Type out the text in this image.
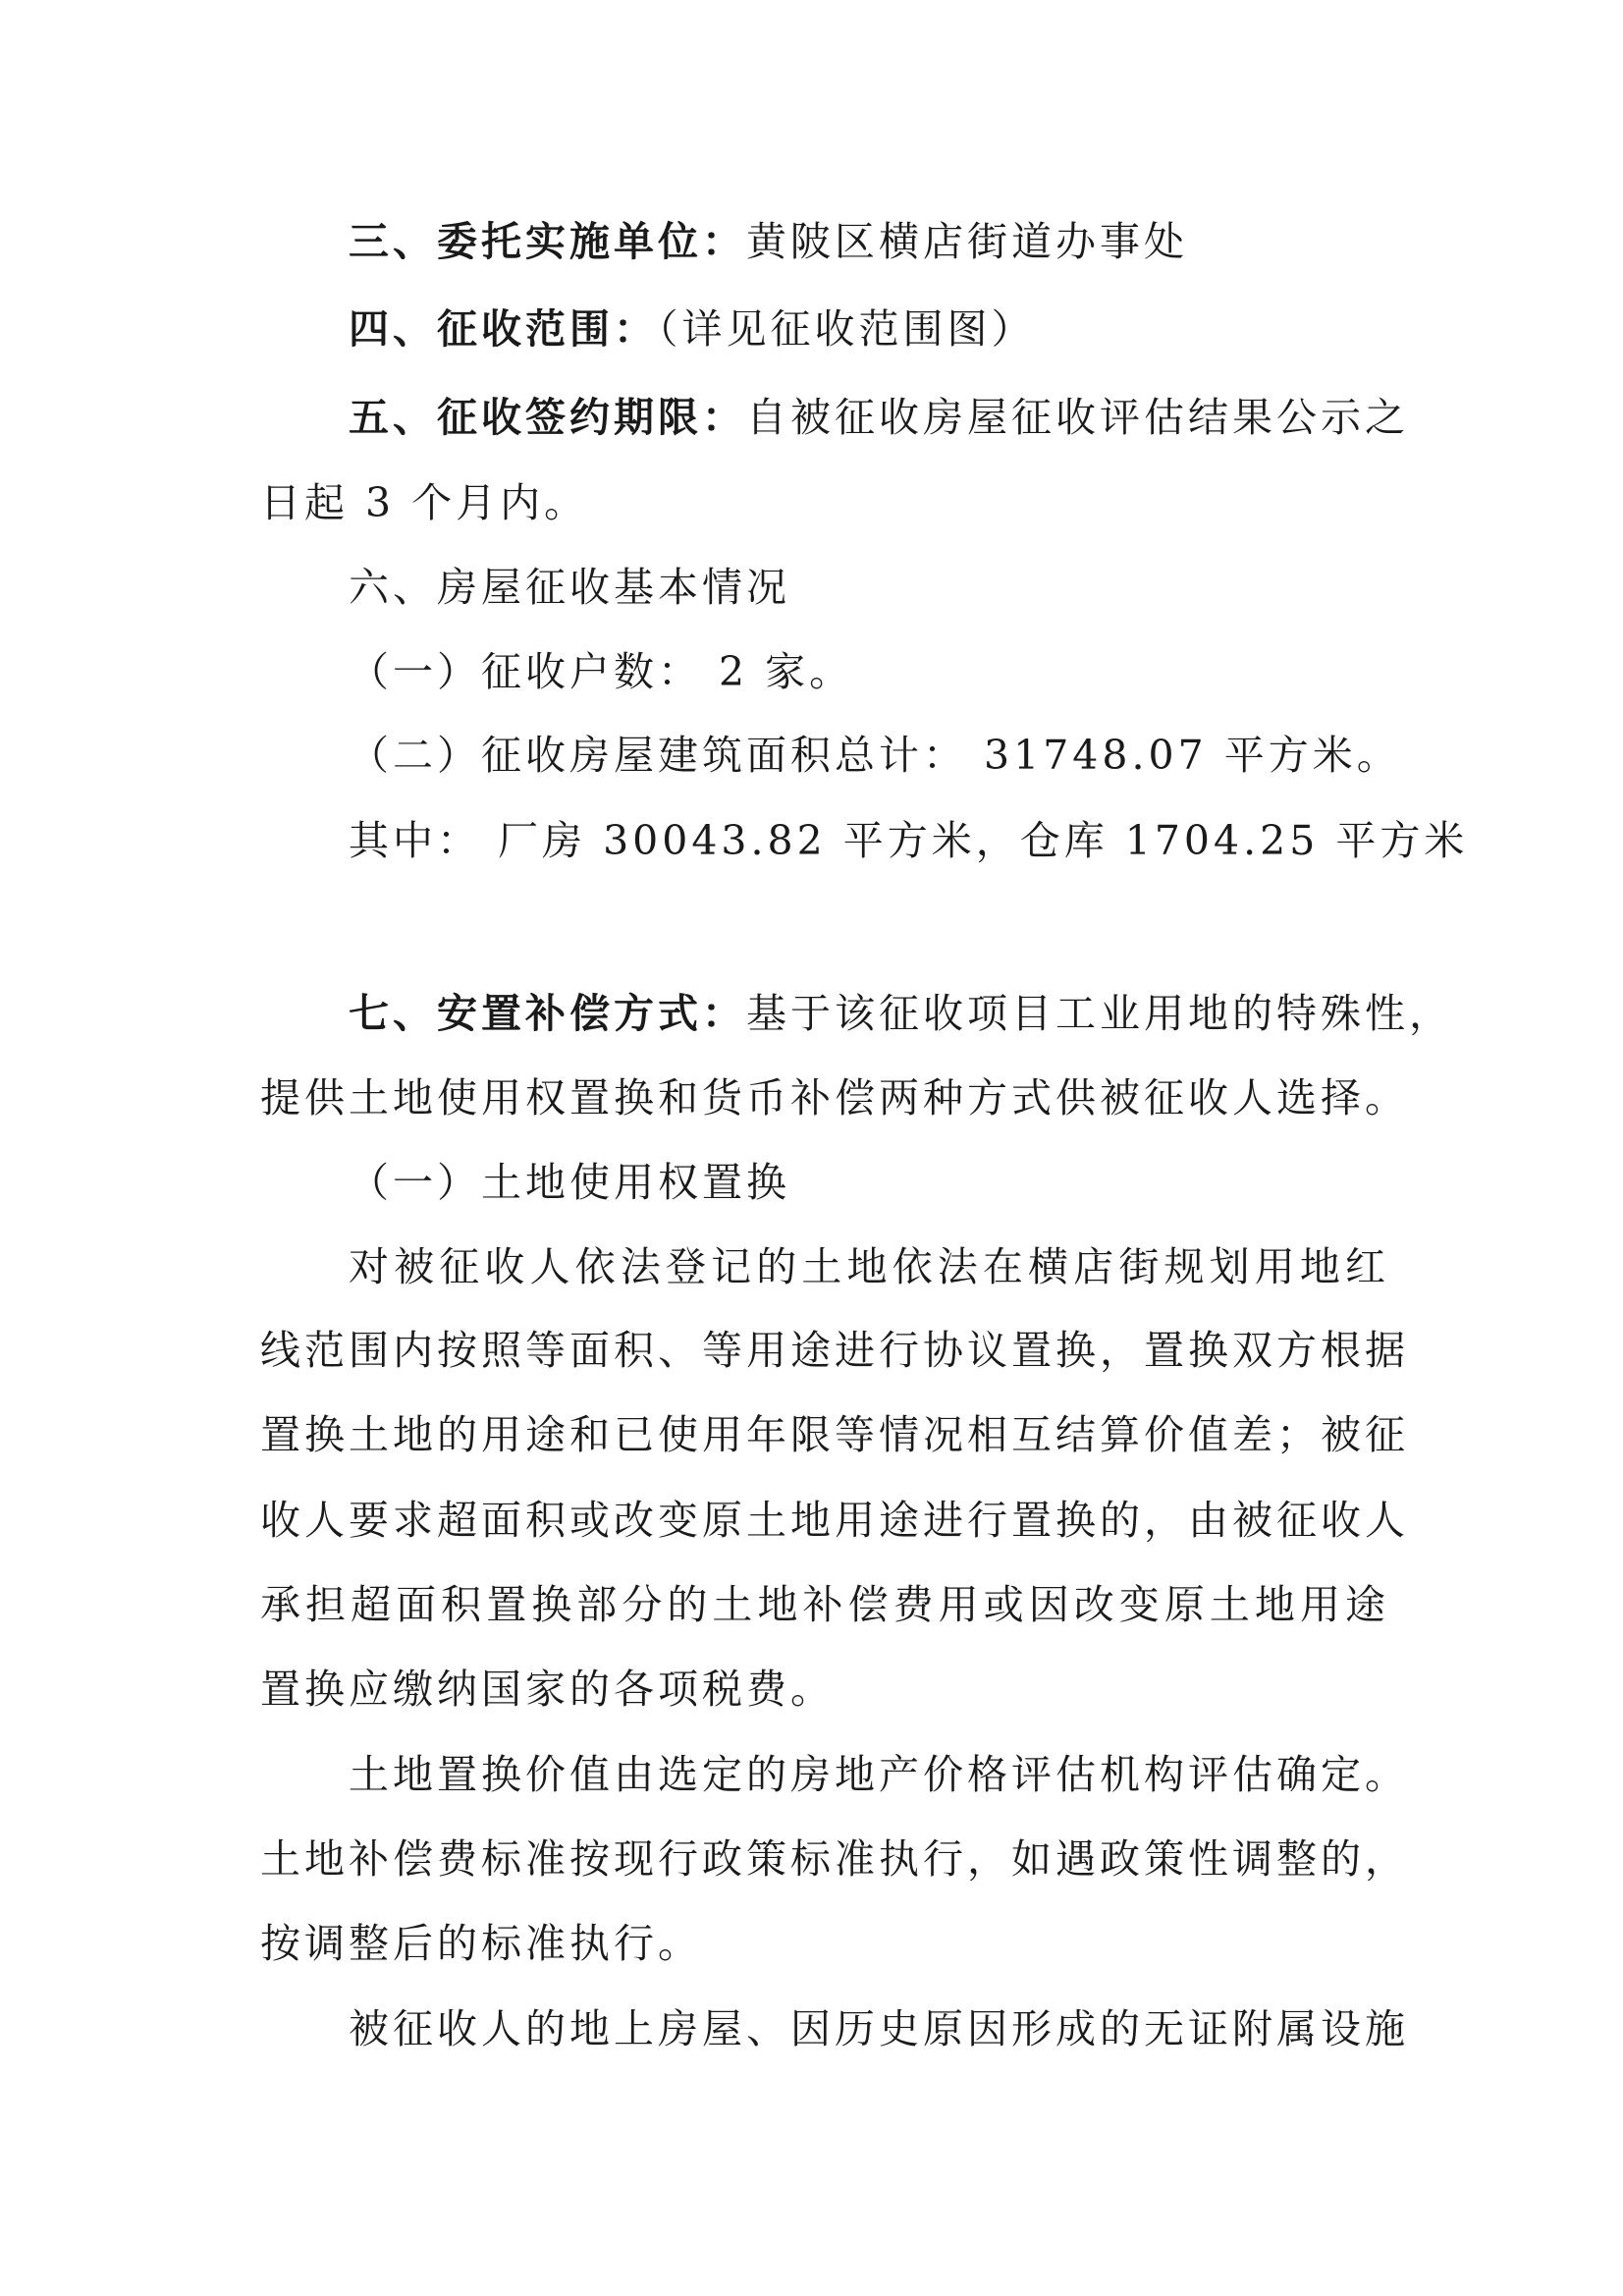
三、委托实施单位：黄陂区横店街道办事处
四、征收范围：（详见征收范围图）
五、征收签约期限：自被征收房屋征收评估结果公示之
日起 3 个月内。
六、房屋征收基本情况
（一）征收户数： 2 家。
（二）征收房屋建筑面积总计： 31748.07 平方米。
其中： 厂房 30043.82 平方米，仓库 1704.25 平方米
七、安置补偿方式：基于该征收项目工业用地的特殊性，
提供土地使用权置换和货币补偿两种方式供被征收人选择。
（一）土地使用权置换
对被征收人依法登记的土地依法在横店街规划用地红
线范围内按照等面积、等用途进行协议置换，置换双方根据
置换土地的用途和已使用年限等情况相互结算价值差；被征
收人要求超面积或改变原土地用途进行置换的，由被征收人
承担超面积置换部分的土地补偿费用或因改变原土地用途
置换应缴纳国家的各项税费。
土地置换价值由选定的房地产价格评估机构评估确定。
土地补偿费标准按现行政策标准执行，如遇政策性调整的，
按调整后的标准执行。
被征收人的地上房屋、因历史原因形成的无证附属设施
